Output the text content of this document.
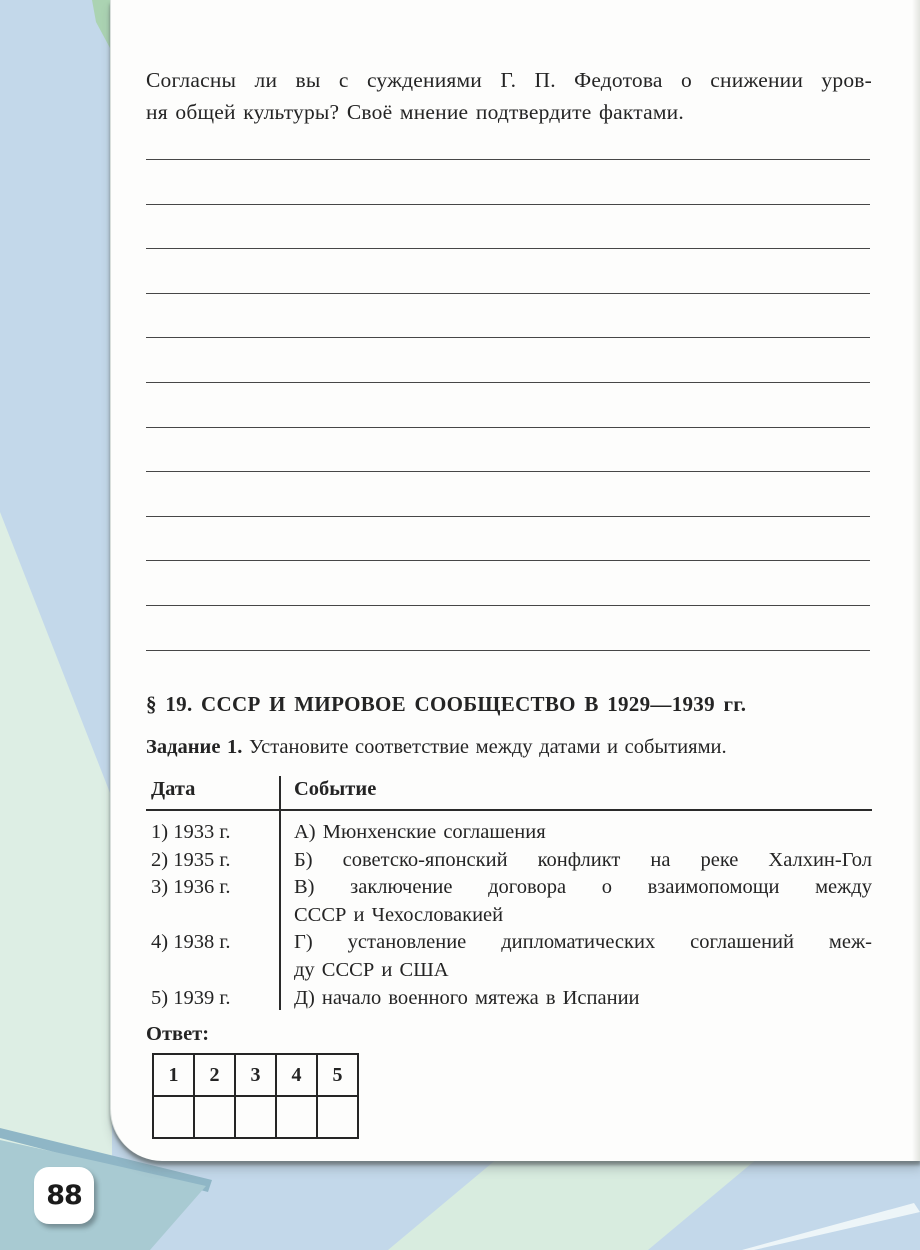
Согласны ли вы с суждениями Г. П. Федотова о снижении уров-
ня общей культуры? Своё мнение подтвердите фактами.
§ 19. СССР И МИРОВОЕ СООБЩЕСТВО В 1929—1939 гг.
Задание 1. Установите соответствие между датами и событиями.
Дата	Событие
1) 1933 г.	А) Мюнхенские соглашения
2) 1935 г.	Б) советско-японский конфликт на реке Халхин-Гол
3) 1936 г.	В) заключение договора о взаимопомощи между
СССР и Чехословакией
4) 1938 г.	Г) установление дипломатических соглашений меж-
ду СССР и США
5) 1939 г.	Д) начало военного мятежа в Испании
Ответ:
1	2	3	4	5

88
